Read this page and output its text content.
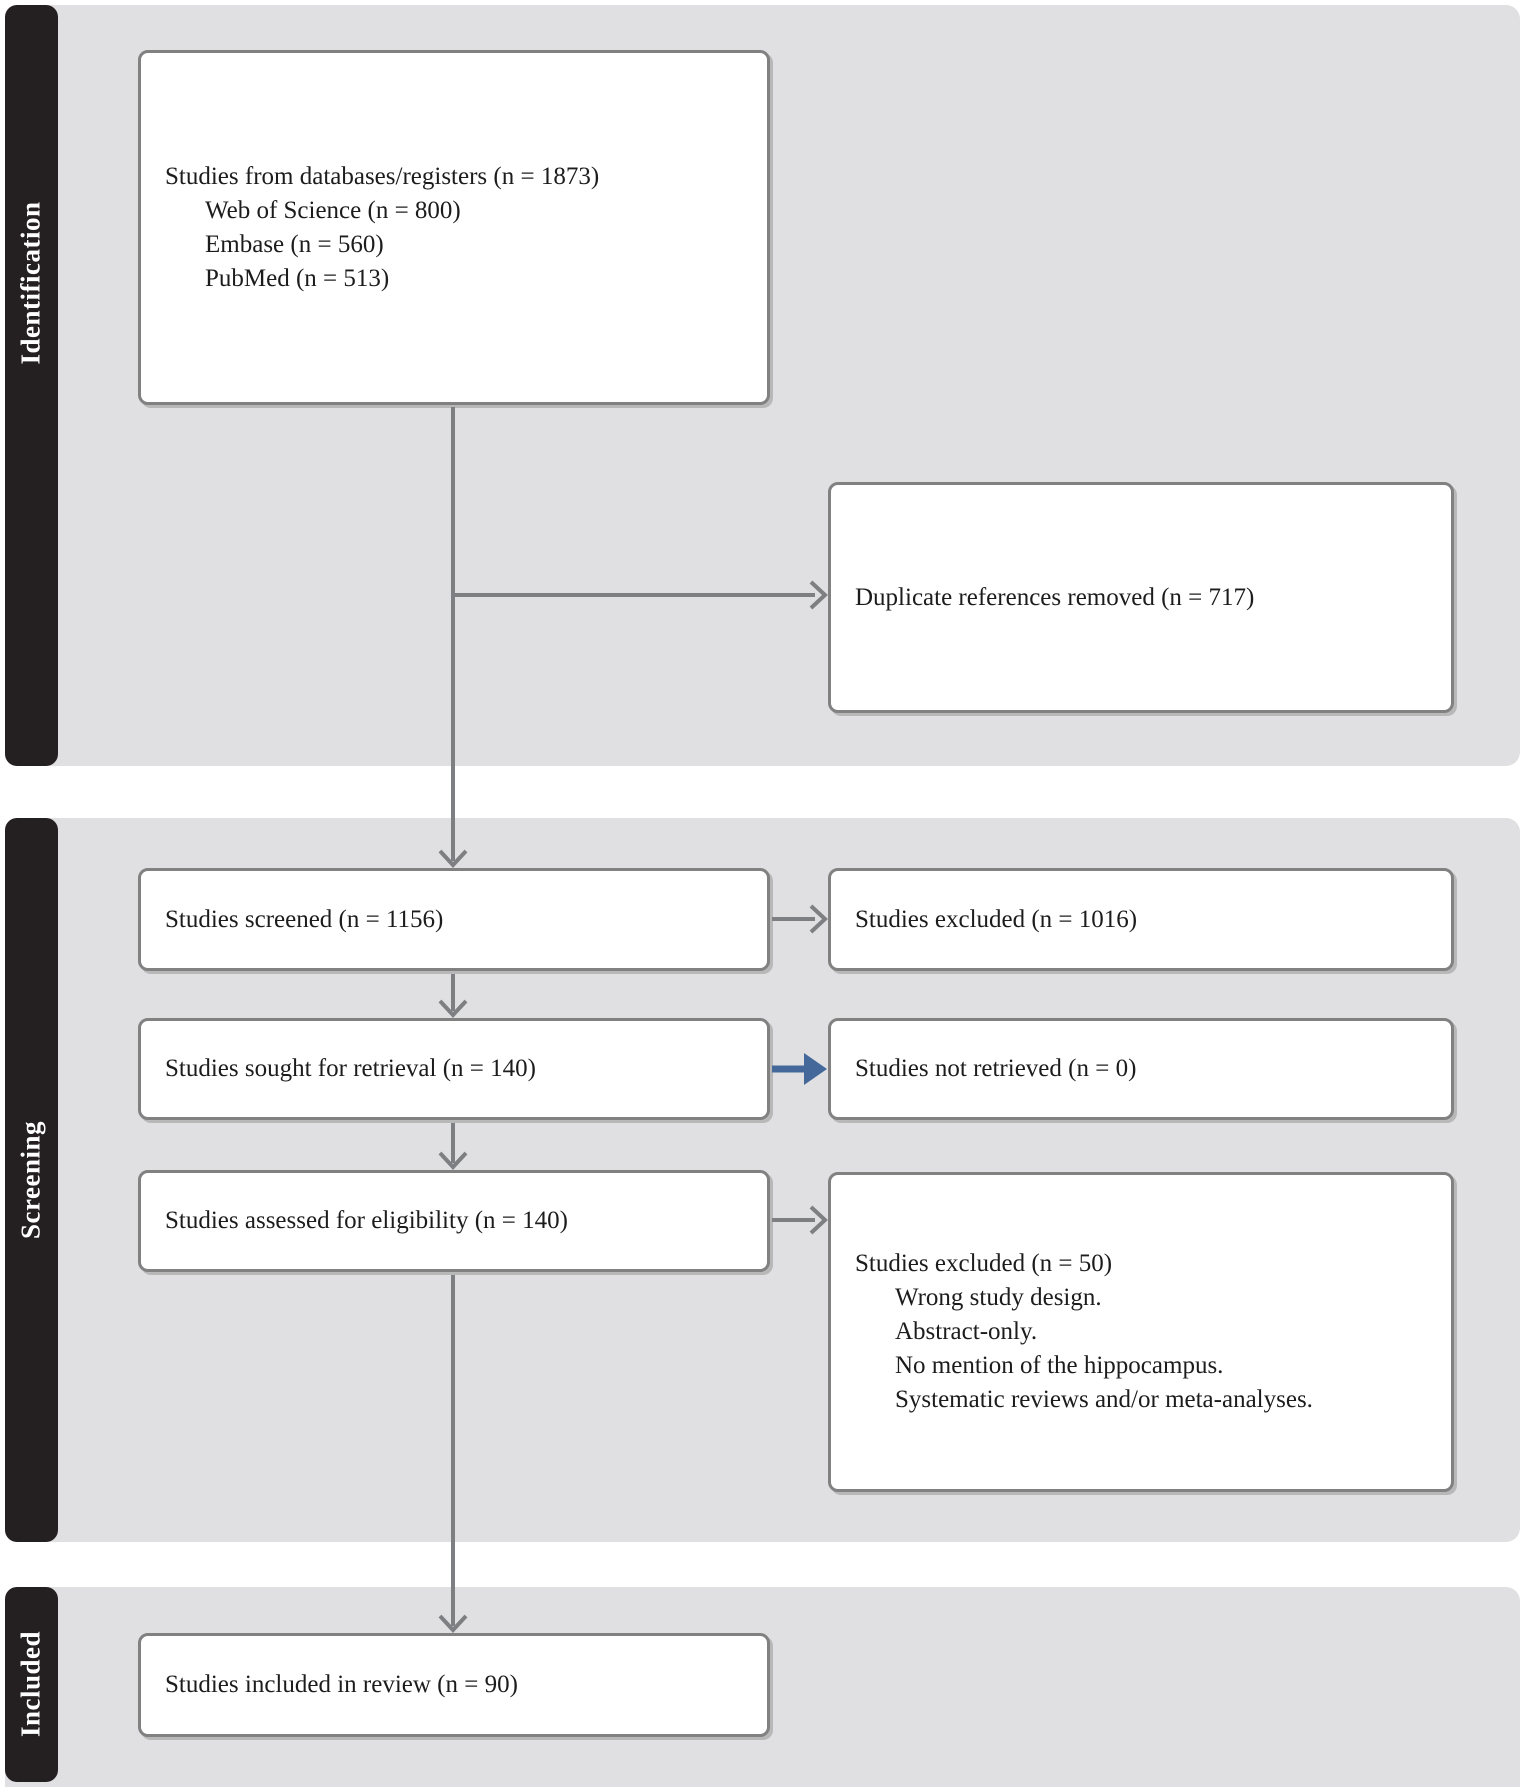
Identification
Screening
Included
Studies from databases/registers (n = 1873)
Web of Science (n = 800)
Embase (n = 560)
PubMed (n = 513)
Duplicate references removed (n = 717)
Studies screened (n = 1156)	Studies excluded (n = 1016)
Studies sought for retrieval (n = 140)	Studies not retrieved (n = 0)
Studies assessed for eligibility (n = 140)
Studies excluded (n = 50)
Wrong study design.
Abstract-only.
No mention of the hippocampus.
Systematic reviews and/or meta-analyses.
Studies included in review (n = 90)
